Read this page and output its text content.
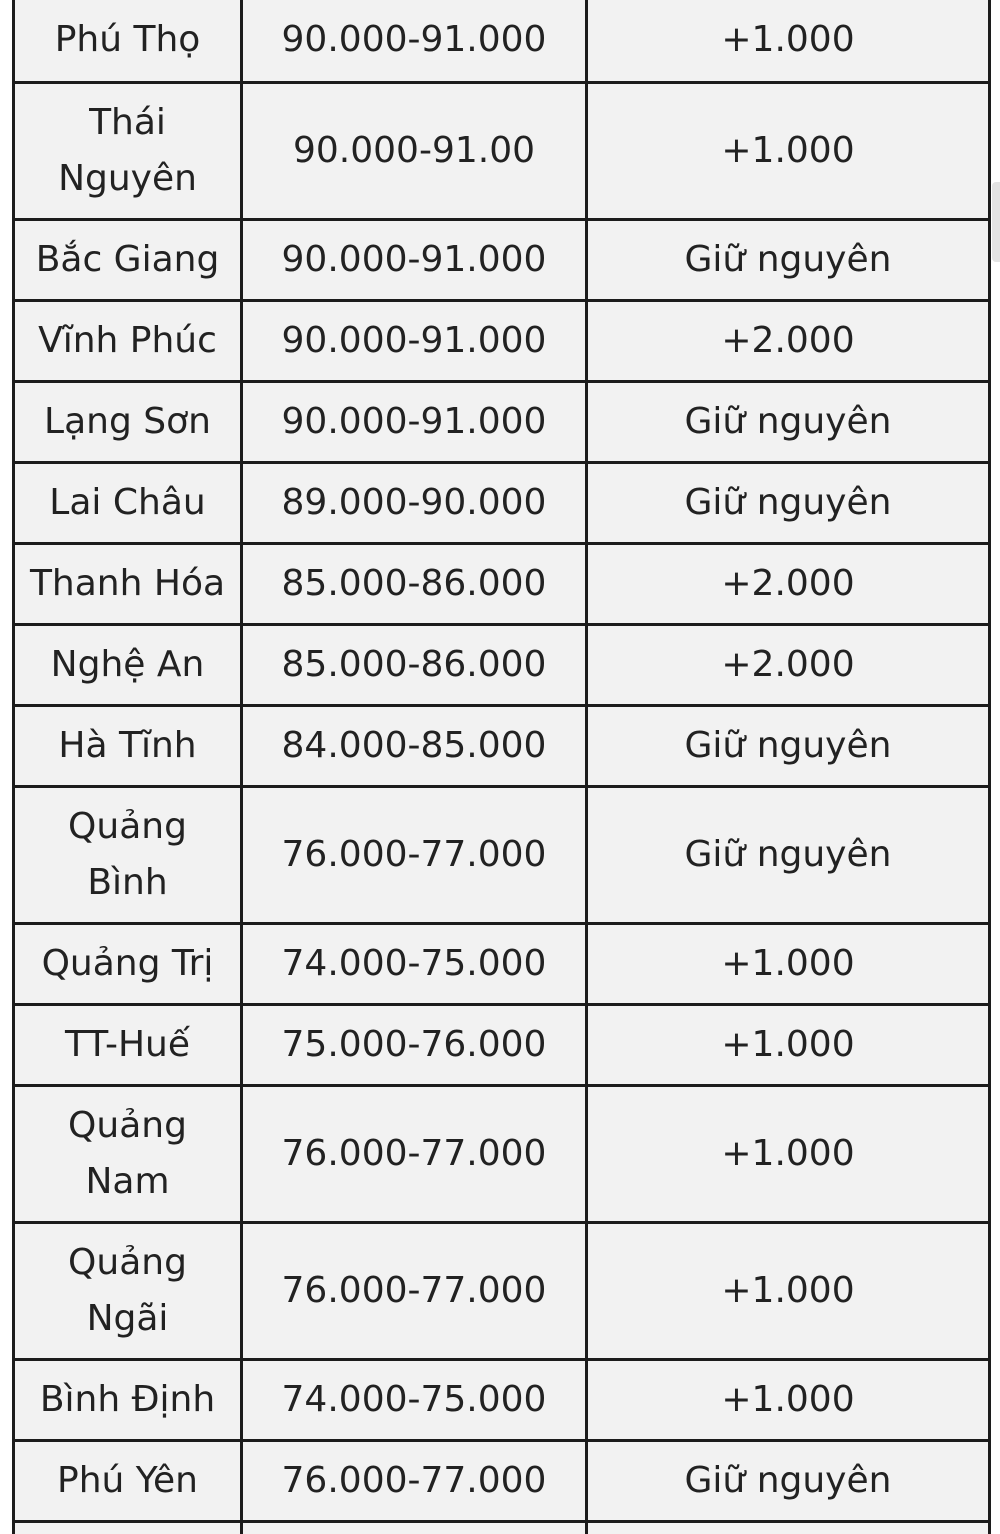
Phú Thọ	90.000-91.000	+1.000
Thái Nguyên	90.000-91.00	+1.000
Bắc Giang	90.000-91.000	Giữ nguyên
Vĩnh Phúc	90.000-91.000	+2.000
Lạng Sơn	90.000-91.000	Giữ nguyên
Lai Châu	89.000-90.000	Giữ nguyên
Thanh Hóa	85.000-86.000	+2.000
Nghệ An	85.000-86.000	+2.000
Hà Tĩnh	84.000-85.000	Giữ nguyên
Quảng Bình	76.000-77.000	Giữ nguyên
Quảng Trị	74.000-75.000	+1.000
TT-Huế	75.000-76.000	+1.000
Quảng Nam	76.000-77.000	+1.000
Quảng Ngãi	76.000-77.000	+1.000
Bình Định	74.000-75.000	+1.000
Phú Yên	76.000-77.000	Giữ nguyên
